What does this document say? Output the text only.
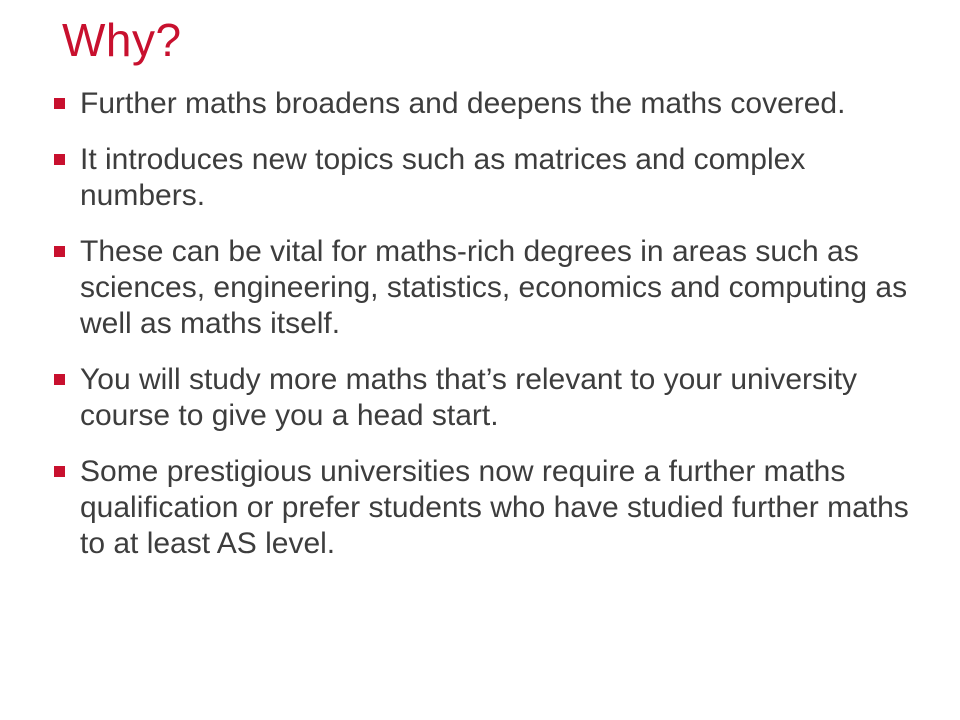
Why?
Further maths broadens and deepens the maths covered.
It introduces new topics such as matrices and complex numbers.
These can be vital for maths-rich degrees in areas such as sciences, engineering, statistics, economics and computing as well as maths itself.
You will study more maths that’s relevant to your university course to give you a head start.
Some prestigious universities now require a further maths qualification or prefer students who have studied further maths to at least AS level.
